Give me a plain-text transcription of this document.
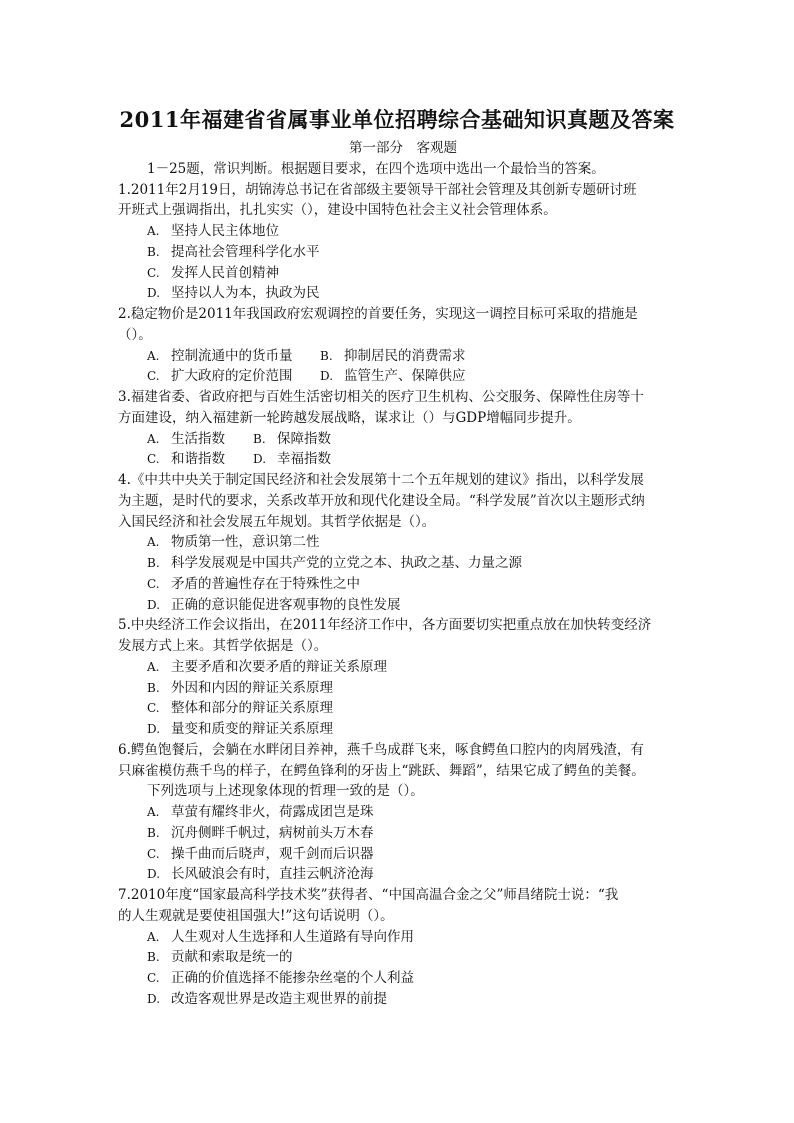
2011年福建省省属事业单位招聘综合基础知识真题及答案
第一部分　客观题
1－25题，常识判断。根据题目要求，在四个选项中选出一个最恰当的答案。
1.2011年2月19日，胡锦涛总书记在省部级主要领导干部社会管理及其创新专题研讨班
开班式上强调指出，扎扎实实（），建设中国特色社会主义社会管理体系。
A. 坚持人民主体地位
B. 提高社会管理科学化水平
C. 发挥人民首创精神
D. 坚持以人为本，执政为民
2.稳定物价是2011年我国政府宏观调控的首要任务，实现这一调控目标可采取的措施是
（）。
A. 控制流通中的货币量	B. 抑制居民的消费需求
C. 扩大政府的定价范围	D. 监管生产、保障供应
3.福建省委、省政府把与百姓生活密切相关的医疗卫生机构、公交服务、保障性住房等十
方面建设，纳入福建新一轮跨越发展战略，谋求让（）与GDP增幅同步提升。
A. 生活指数	B. 保障指数
C. 和谐指数	D. 幸福指数
4.《中共中央关于制定国民经济和社会发展第十二个五年规划的建议》指出，以科学发展
为主题，是时代的要求，关系改革开放和现代化建设全局。“科学发展”首次以主题形式纳
入国民经济和社会发展五年规划。其哲学依据是（）。
A. 物质第一性，意识第二性
B. 科学发展观是中国共产党的立党之本、执政之基、力量之源
C. 矛盾的普遍性存在于特殊性之中
D. 正确的意识能促进客观事物的良性发展
5.中央经济工作会议指出，在2011年经济工作中，各方面要切实把重点放在加快转变经济
发展方式上来。其哲学依据是（）。
A. 主要矛盾和次要矛盾的辩证关系原理
B. 外因和内因的辩证关系原理
C. 整体和部分的辩证关系原理
D. 量变和质变的辩证关系原理
6.鳄鱼饱餐后，会躺在水畔闭目养神，燕千鸟成群飞来，啄食鳄鱼口腔内的肉屑残渣，有
只麻雀模仿燕千鸟的样子，在鳄鱼锋利的牙齿上“跳跃、舞蹈”，结果它成了鳄鱼的美餐。
下列选项与上述现象体现的哲理一致的是（）。
A. 草萤有耀终非火，荷露成团岂是珠
B. 沉舟侧畔千帆过，病树前头万木春
C. 操千曲而后晓声，观千剑而后识器
D. 长风破浪会有时，直挂云帆济沧海
7.2010年度“国家最高科学技术奖”获得者、“中国高温合金之父”师昌绪院士说：“我
的人生观就是要使祖国强大!”这句话说明（）。
A. 人生观对人生选择和人生道路有导向作用
B. 贡献和索取是统一的
C. 正确的价值选择不能掺杂丝毫的个人利益
D. 改造客观世界是改造主观世界的前提
